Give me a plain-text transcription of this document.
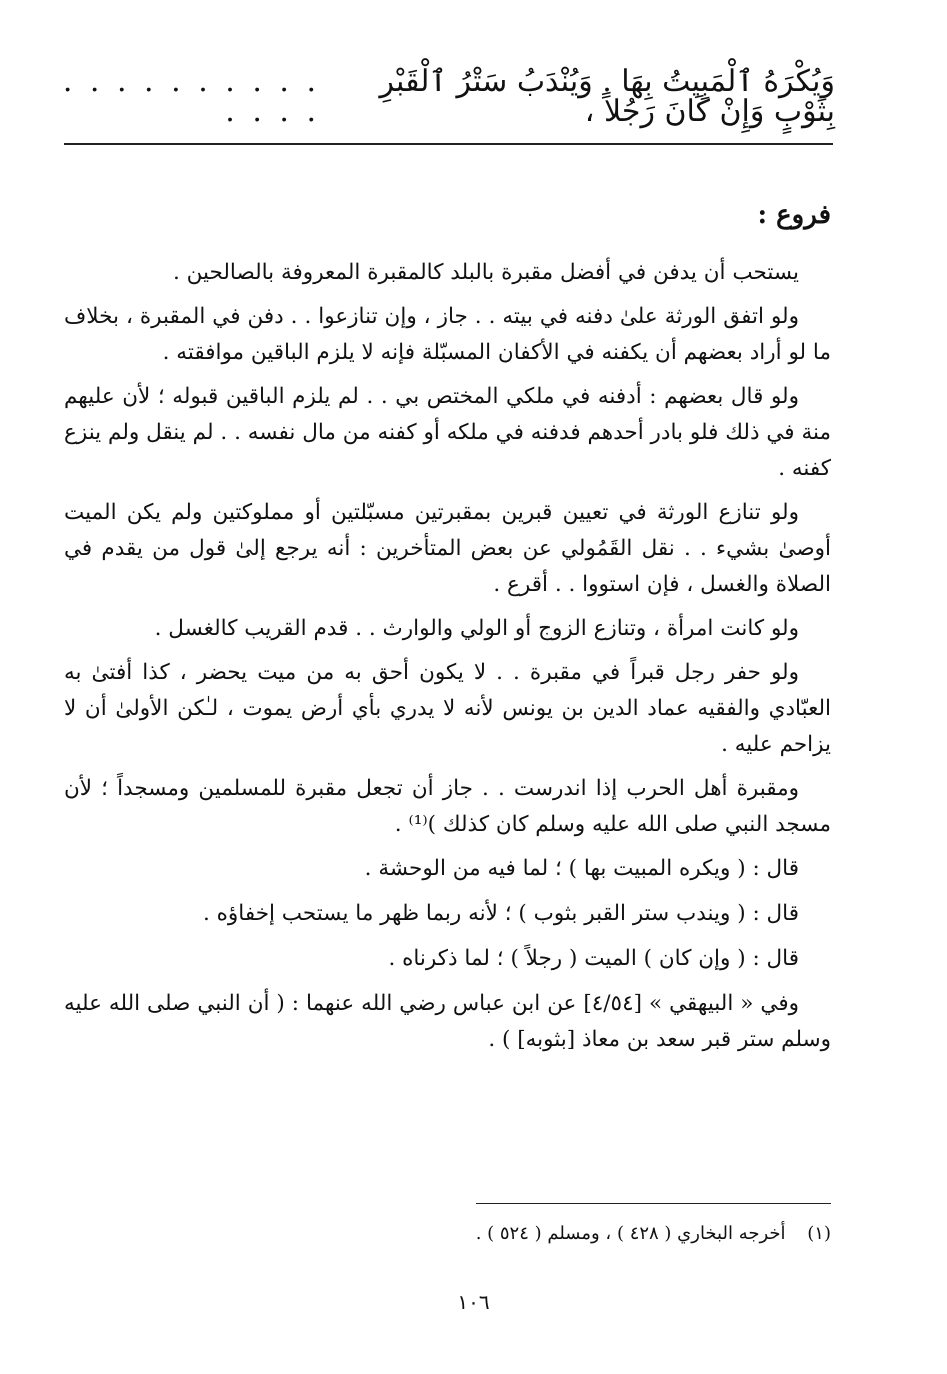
وَيُكْرَهُ ٱلْمَبِيتُ بِهَا . وَيُنْدَبُ سَتْرُ ٱلْقَبْرِ بِثَوْبٍ وَإِنْ كَانَ رَجُلاً ،
. . . . . . . . . . . . . .
فروع :

يستحب أن يدفن في أفضل مقبرة بالبلد كالمقبرة المعروفة بالصالحين .

ولو اتفق الورثة علىٰ دفنه في بيته . . جاز ، وإن تنازعوا . . دفن في المقبرة ، بخلاف ما لو أراد بعضهم أن يكفنه في الأكفان المسبّلة فإنه لا يلزم الباقين موافقته .

ولو قال بعضهم : أدفنه في ملكي المختص بي . . لم يلزم الباقين قبوله ؛ لأن عليهم منة في ذلك فلو بادر أحدهم فدفنه في ملكه أو كفنه من مال نفسه . . لم ينقل ولم ينزع كفنه .

ولو تنازع الورثة في تعيين قبرين بمقبرتين مسبّلتين أو مملوكتين ولم يكن الميت أوصىٰ بشيء . . نقل القَمُولي عن بعض المتأخرين : أنه يرجع إلىٰ قول من يقدم في الصلاة والغسل ، فإن استووا . . أقرع .

ولو كانت امرأة ، وتنازع الزوج أو الولي والوارث . . قدم القريب كالغسل .

ولو حفر رجل قبراً في مقبرة . . لا يكون أحق به من ميت يحضر ، كذا أفتىٰ به العبّادي والفقيه عماد الدين بن يونس لأنه لا يدري بأي أرض يموت ، لـٰكن الأولىٰ أن لا يزاحم عليه .

ومقبرة أهل الحرب إذا اندرست . . جاز أن تجعل مقبرة للمسلمين ومسجداً ؛ لأن مسجد النبي صلى الله عليه وسلم كان كذلك )⁽¹⁾ .

قال : ( ويكره المبيت بها ) ؛ لما فيه من الوحشة .

قال : ( ويندب ستر القبر بثوب ) ؛ لأنه ربما ظهر ما يستحب إخفاؤه .

قال : ( وإن كان ) الميت ( رجلاً ) ؛ لما ذكرناه .

وفي « البيهقي » [٤/٥٤] عن ابن عباس رضي الله عنهما : ( أن النبي صلى الله عليه وسلم ستر قبر سعد بن معاذ [بثوبه] ) .

(١) أخرجه البخاري ( ٤٢٨ ) ، ومسلم ( ٥٢٤ ) .
١٠٦
